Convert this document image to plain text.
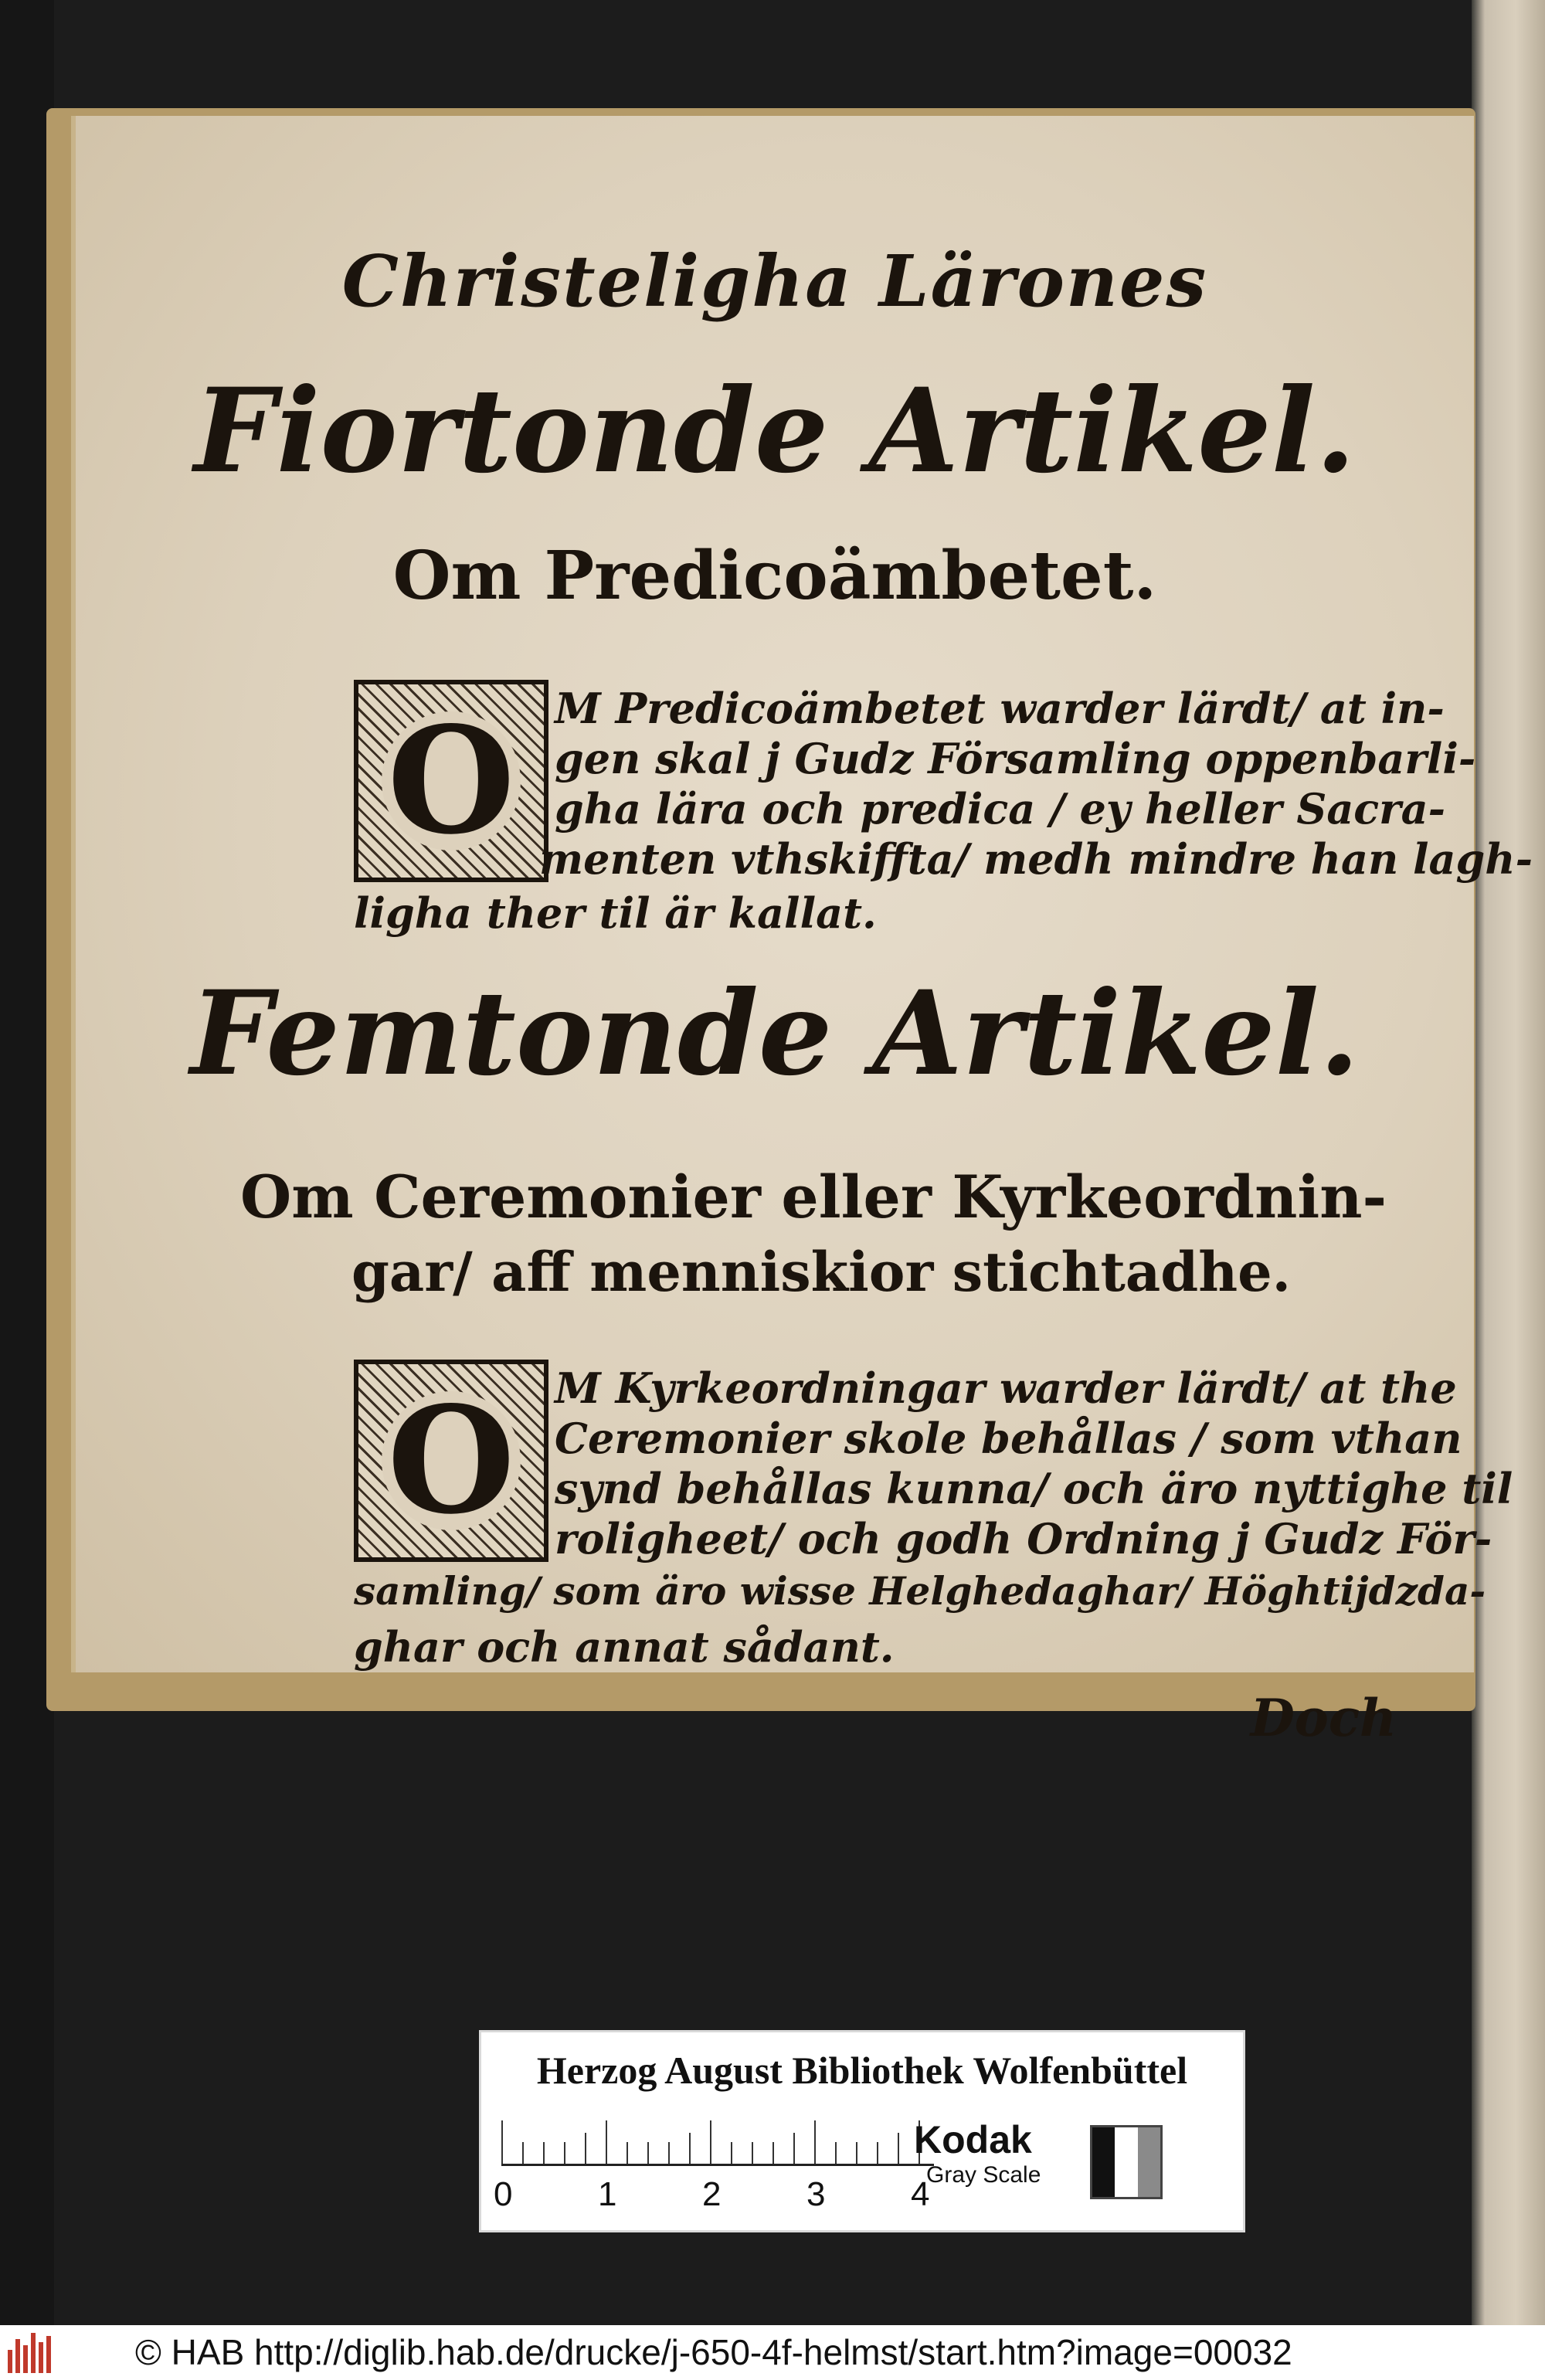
Christeligha Lärones
Fiortonde Artikel.
Om Predicoämbetet.
O M Predicoämbetet warder lärdt/ at in-
gen skal j Gudz Församling oppenbarli-
gha lära och predica / ey heller Sacra-
menten vthskiffta/ medh mindre han lagh-
ligha ther til är kallat.
Femtonde Artikel.
Om Ceremonier eller Kyrkeordnin-
gar/ aff menniskior stichtadhe.
O M Kyrkeordningar warder lärdt/ at the
Ceremonier skole behållas / som vthan
synd behållas kunna/ och äro nyttighe til
roligheet/ och godh Ordning j Gudz För-
samling/ som äro wisse Helghedaghar/ Höghtijdzda-
ghar och annat sådant.
Doch
Herzog August Bibliothek Wolfenbüttel
0	1	2	3	4
Kodak
Gray Scale
© HAB http://diglib.hab.de/drucke/j-650-4f-helmst/start.htm?image=00032
